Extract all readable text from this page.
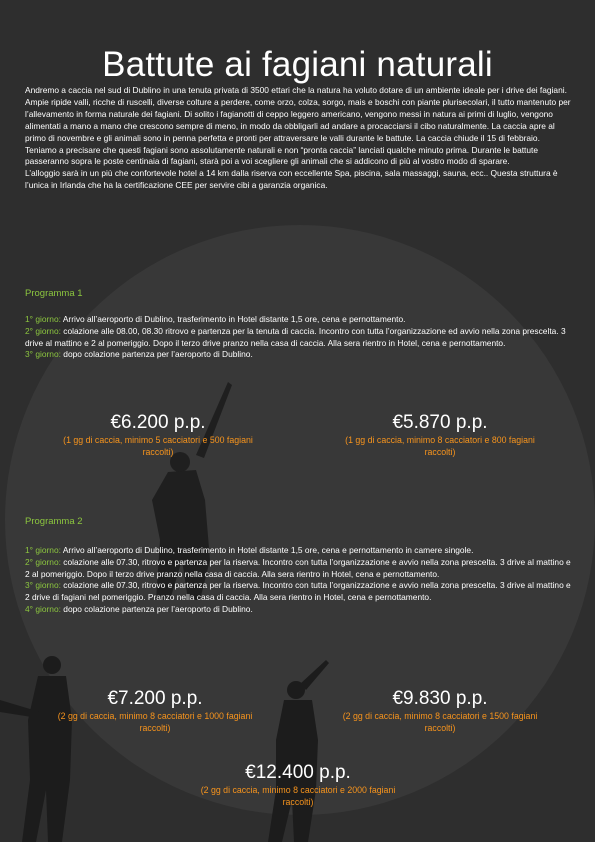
Battute ai fagiani naturali

Andremo a caccia nel sud di Dublino in una tenuta privata di 3500 ettari che la natura ha voluto dotare di un ambiente ideale per i drive dei fagiani. Ampie ripide valli, ricche di ruscelli, diverse colture a perdere, come orzo, colza, sorgo, mais e boschi con piante plurisecolari, il tutto mantenuto per l’allevamento in forma naturale dei fagiani. Di solito i fagianotti di ceppo leggero americano, vengono messi in natura ai primi di luglio, vengono alimentati a mano a mano che crescono sempre di meno, in modo da obbligarli ad andare a procacciarsi il cibo naturalmente. La caccia apre al primo di novembre e gli animali sono in penna perfetta e pronti per attraversare le valli durante le battute. La caccia chiude il 15 di febbraio. Teniamo a precisare che questi fagiani sono assolutamente naturali e non “pronta caccia” lanciati qualche minuto prima. Durante le battute passeranno sopra le poste centinaia di fagiani, starà poi a voi scegliere gli animali che si addicono di più al vostro modo di sparare.

L’alloggio sarà in un più che confortevole hotel a 14 km dalla riserva con eccellente Spa, piscina, sala massaggi, sauna, ecc.. Questa struttura è l’unica in Irlanda che ha la certificazione CEE per servire cibi a garanzia organica.

Programma 1

1° giorno: Arrivo all’aeroporto di Dublino, trasferimento in Hotel distante 1,5 ore, cena e pernottamento.

2° giorno: colazione alle 08.00, 08.30 ritrovo e partenza per la tenuta di caccia. Incontro con tutta l’organizzazione ed avvio nella zona prescelta. 3 drive al mattino e 2 al pomeriggio. Dopo il terzo drive pranzo nella casa di caccia. Alla sera rientro in Hotel, cena e pernottamento.

3° giorno: dopo colazione partenza per l’aeroporto di Dublino.

€6.200 p.p.
(1 gg di caccia, minimo 5 cacciatori e 500 fagiani raccolti)
€5.870 p.p.
(1 gg di caccia, minimo 8 cacciatori e 800 fagiani raccolti)
Programma 2

1° giorno: Arrivo all’aeroporto di Dublino, trasferimento in Hotel distante 1,5 ore, cena e pernottamento in camere singole.

2° giorno: colazione alle 07.30, ritrovo e partenza per la riserva. Incontro con tutta l’organizzazione e avvio nella zona prescelta. 3 drive al mattino e 2 al pomeriggio. Dopo il terzo drive pranzo nella casa di caccia. Alla sera rientro in Hotel, cena e pernottamento.

3° giorno: colazione alle 07.30, ritrovo e partenza per la riserva. Incontro con tutta l’organizzazione e avvio nella zona prescelta. 3 drive al mattino e 2 drive di fagiani nel pomeriggio. Pranzo nella casa di caccia. Alla sera rientro in Hotel, cena e pernottamento.

4° giorno: dopo colazione partenza per l’aeroporto di Dublino.

€7.200 p.p.
(2 gg di caccia, minimo 8 cacciatori e 1000 fagiani raccolti)
€9.830 p.p.
(2 gg di caccia, minimo 8 cacciatori e 1500 fagiani raccolti)
€12.400 p.p.
(2 gg di caccia, minimo 8 cacciatori e 2000 fagiani raccolti)
